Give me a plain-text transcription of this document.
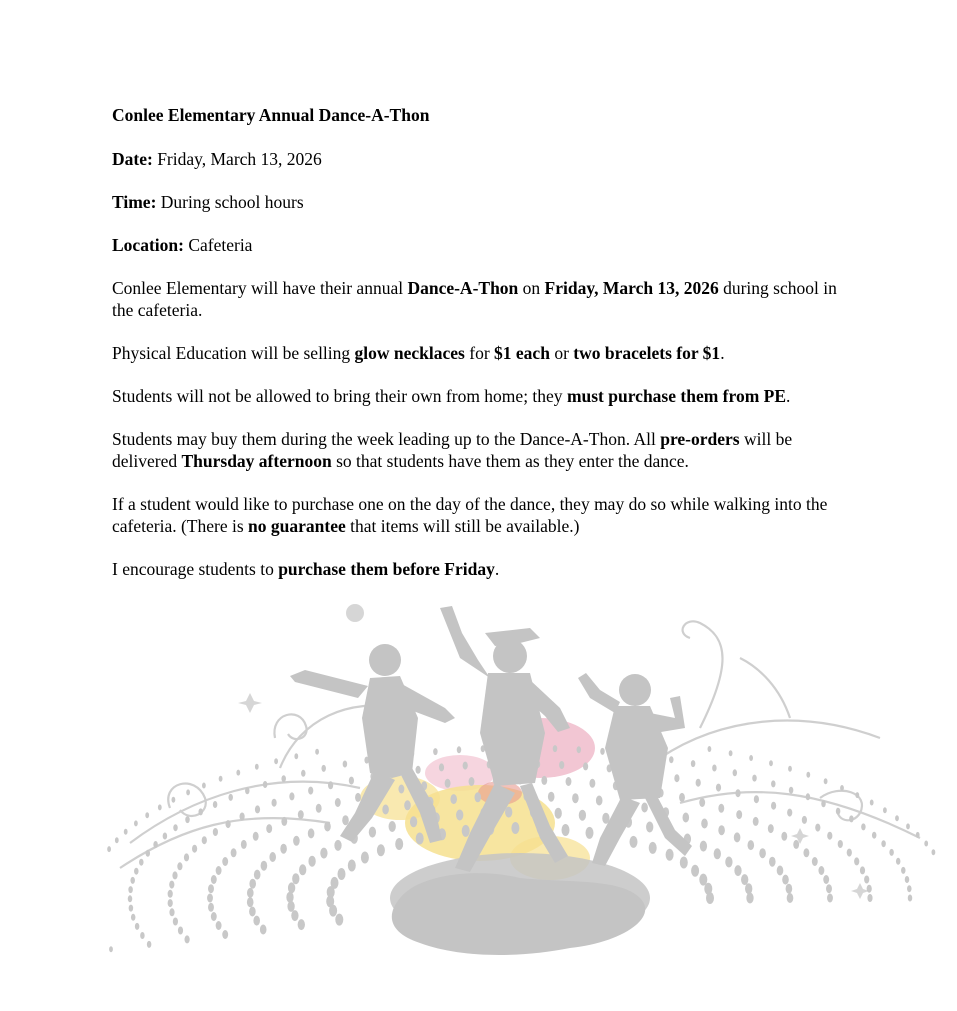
Conlee Elementary Annual Dance-A-Thon

Date: Friday, March 13, 2026

Time: During school hours

Location: Cafeteria

Conlee Elementary will have their annual Dance-A-Thon on Friday, March 13, 2026 during school in the cafeteria.

Physical Education will be selling glow necklaces for $1 each or two bracelets for $1.

Students will not be allowed to bring their own from home; they must purchase them from PE.

Students may buy them during the week leading up to the Dance-A-Thon. All pre-orders will be delivered Thursday afternoon so that students have them as they enter the dance.

If a student would like to purchase one on the day of the dance, they may do so while walking into the cafeteria. (There is no guarantee that items will still be available.)

I encourage students to purchase them before Friday.
